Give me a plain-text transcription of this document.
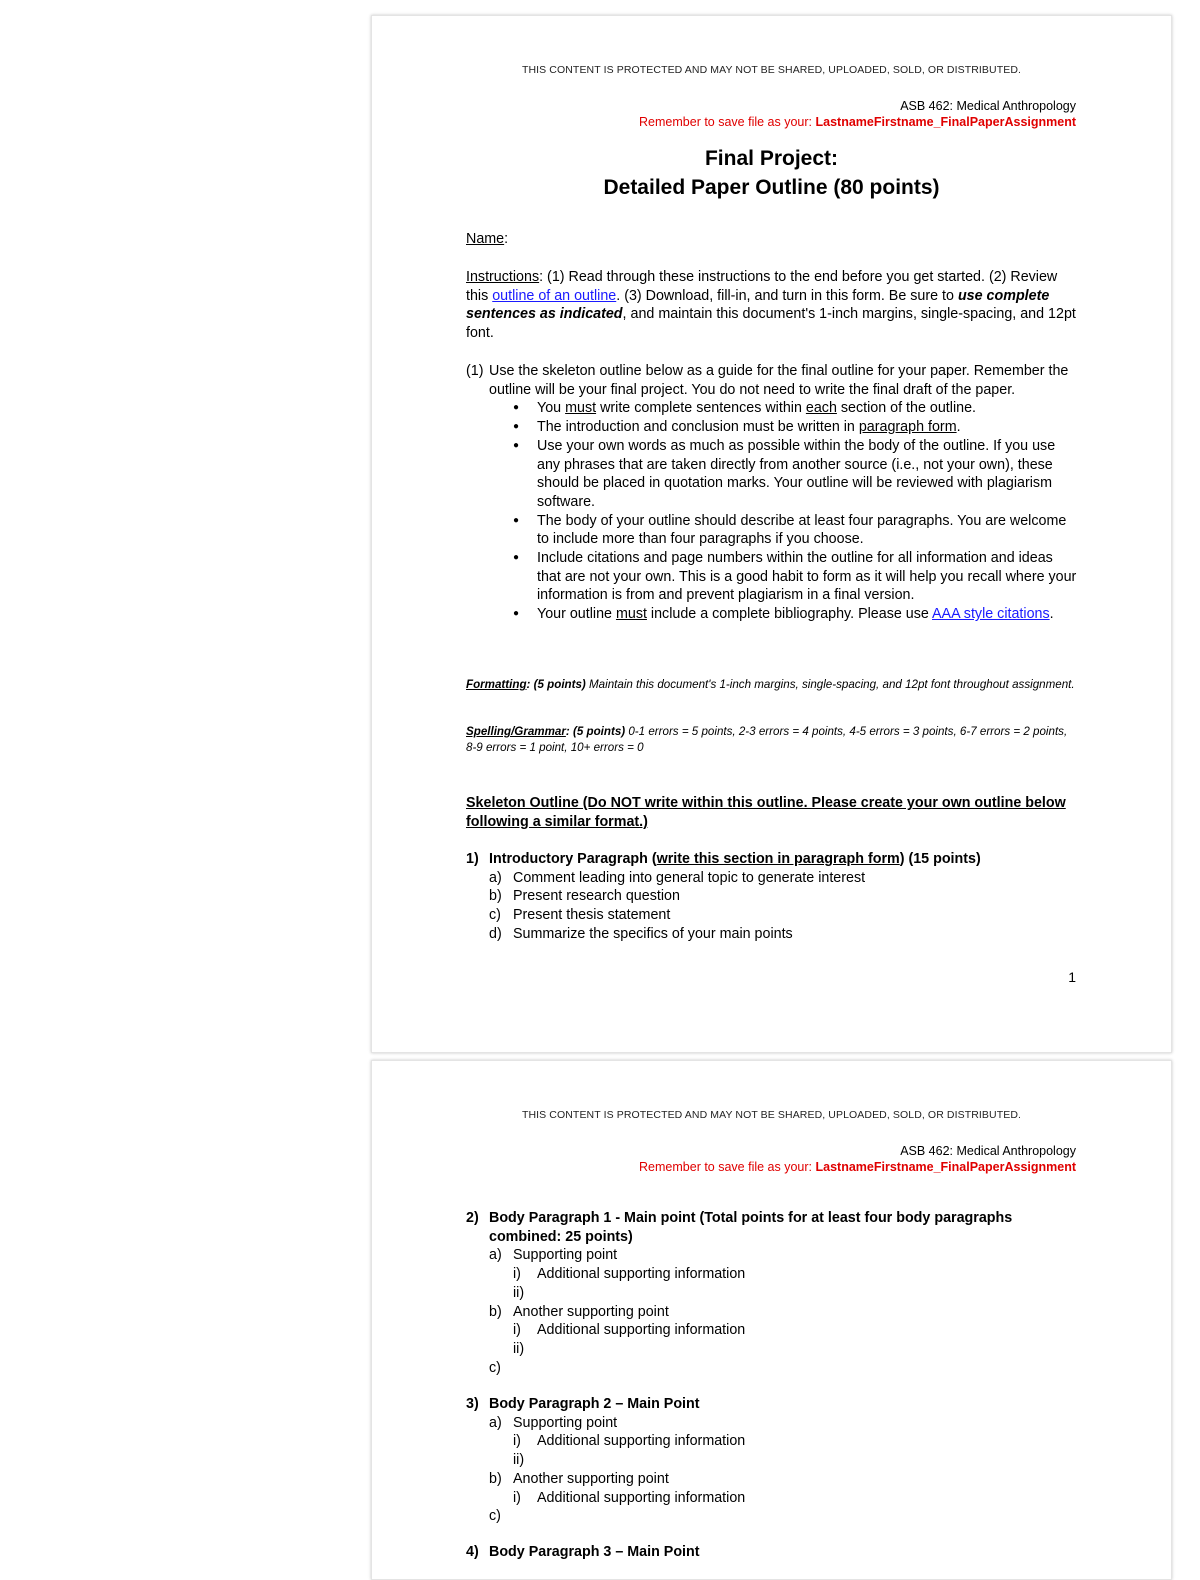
THIS CONTENT IS PROTECTED AND MAY NOT BE SHARED, UPLOADED, SOLD, OR DISTRIBUTED.
ASB 462: Medical Anthropology
Remember to save file as your: LastnameFirstname_FinalPaperAssignment
Final Project:
Detailed Paper Outline (80 points)
Name:
Instructions: (1) Read through these instructions to the end before you get started. (2) Review this outline of an outline. (3) Download, fill-in, and turn in this form. Be sure to use complete sentences as indicated, and maintain this document's 1-inch margins, single-spacing, and 12pt font.
(1) Use the skeleton outline below as a guide for the final outline for your paper. Remember the outline will be your final project. You do not need to write the final draft of the paper.

● You must write complete sentences within each section of the outline.
● The introduction and conclusion must be written in paragraph form.
● Use your own words as much as possible within the body of the outline. If you use any phrases that are taken directly from another source (i.e., not your own), these should be placed in quotation marks. Your outline will be reviewed with plagiarism software.
● The body of your outline should describe at least four paragraphs. You are welcome to include more than four paragraphs if you choose.
● Include citations and page numbers within the outline for all information and ideas that are not your own. This is a good habit to form as it will help you recall where your information is from and prevent plagiarism in a final version.
● Your outline must include a complete bibliography. Please use AAA style citations.
Formatting: (5 points) Maintain this document's 1-inch margins, single-spacing, and 12pt font throughout assignment.
Spelling/Grammar: (5 points) 0-1 errors = 5 points, 2-3 errors = 4 points, 4-5 errors = 3 points, 6-7 errors = 2 points, 8-9 errors = 1 point, 10+ errors = 0
Skeleton Outline (Do NOT write within this outline. Please create your own outline below following a similar format.)
1) Introductory Paragraph (write this section in paragraph form) (15 points)
a) Comment leading into general topic to generate interest
b) Present research question
c) Present thesis statement
d) Summarize the specifics of your main points
1
THIS CONTENT IS PROTECTED AND MAY NOT BE SHARED, UPLOADED, SOLD, OR DISTRIBUTED.
ASB 462: Medical Anthropology
Remember to save file as your: LastnameFirstname_FinalPaperAssignment
2) Body Paragraph 1 - Main point (Total points for at least four body paragraphs combined: 25 points)
a) Supporting point
i) Additional supporting information
ii)

b) Another supporting point
i) Additional supporting information
ii)

c)

3) Body Paragraph 2 – Main Point
a) Supporting point
i) Additional supporting information
ii)

b) Another supporting point
i) Additional supporting information
c)

4) Body Paragraph 3 – Main Point
